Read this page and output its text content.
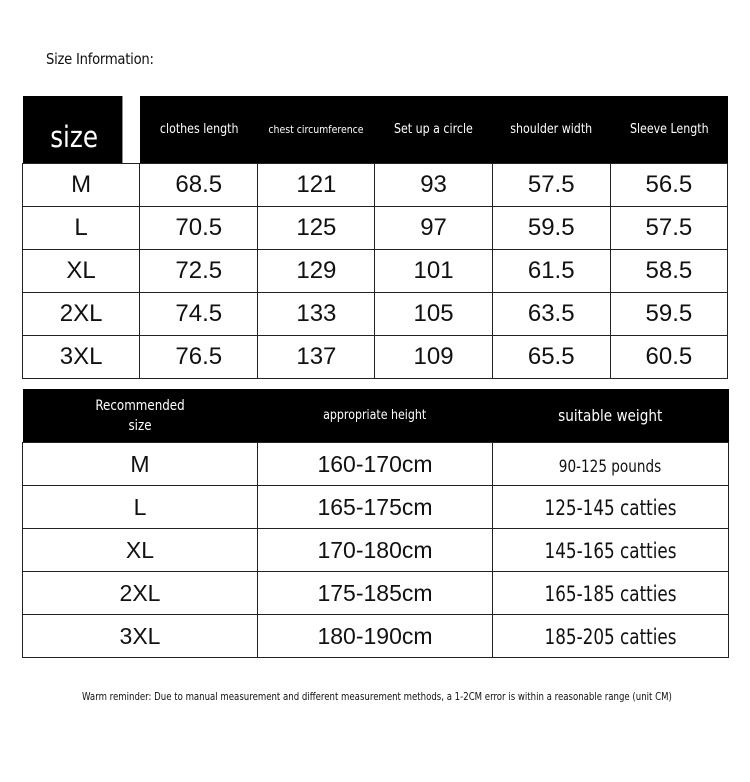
Size Information:
size	clothes length	chest circumference	Set up a circle	shoulder width	Sleeve Length
M	68.5	121	93	57.5	56.5
L	70.5	125	97	59.5	57.5
XL	72.5	129	101	61.5	58.5
2XL	74.5	133	105	63.5	59.5
3XL	76.5	137	109	65.5	60.5
Recommended size	appropriate height	suitable weight
M	160-170cm	90-125 pounds
L	165-175cm	125-145 catties
XL	170-180cm	145-165 catties
2XL	175-185cm	165-185 catties
3XL	180-190cm	185-205 catties
Warm reminder: Due to manual measurement and different measurement methods, a 1-2CM error is within a reasonable range (unit CM)
